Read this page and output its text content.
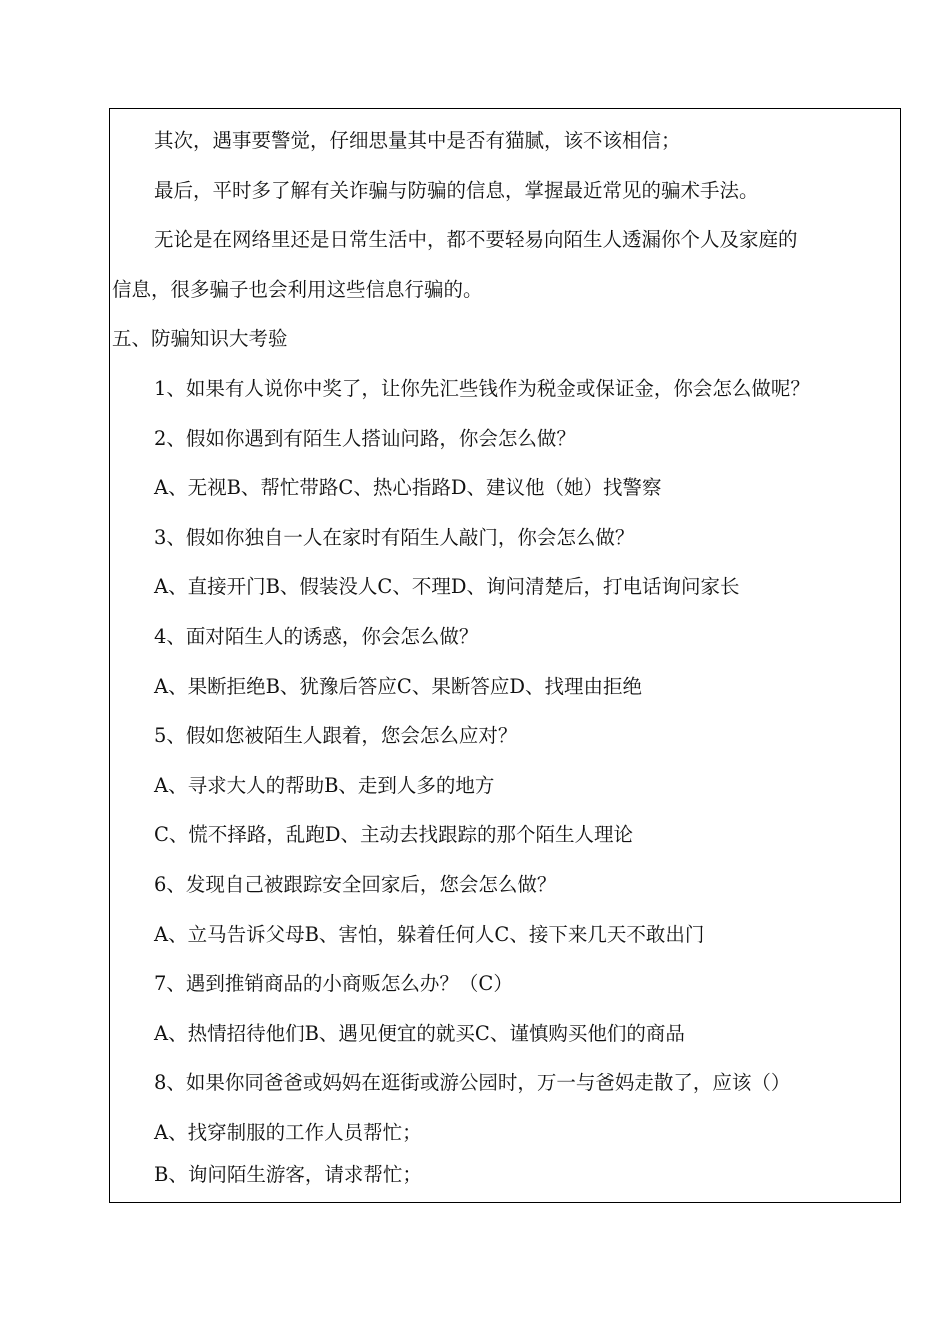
其次，遇事要警觉，仔细思量其中是否有猫腻，该不该相信；
最后，平时多了解有关诈骗与防骗的信息，掌握最近常见的骗术手法。
无论是在网络里还是日常生活中，都不要轻易向陌生人透漏你个人及家庭的
信息，很多骗子也会利用这些信息行骗的。
五、防骗知识大考验
1、如果有人说你中奖了，让你先汇些钱作为税金或保证金，你会怎么做呢？
2、假如你遇到有陌生人搭讪问路，你会怎么做？
A、无视B、帮忙带路C、热心指路D、建议他（她）找警察
3、假如你独自一人在家时有陌生人敲门，你会怎么做？
A、直接开门B、假装没人C、不理D、询问清楚后，打电话询问家长
4、面对陌生人的诱惑，你会怎么做？
A、果断拒绝B、犹豫后答应C、果断答应D、找理由拒绝
5、假如您被陌生人跟着，您会怎么应对？
A、寻求大人的帮助B、走到人多的地方
C、慌不择路，乱跑D、主动去找跟踪的那个陌生人理论
6、发现自己被跟踪安全回家后，您会怎么做？
A、立马告诉父母B、害怕，躲着任何人C、接下来几天不敢出门
7、遇到推销商品的小商贩怎么办？（C）
A、热情招待他们B、遇见便宜的就买C、谨慎购买他们的商品
8、如果你同爸爸或妈妈在逛街或游公园时，万一与爸妈走散了，应该（）
A、找穿制服的工作人员帮忙；
B、询问陌生游客，请求帮忙；
